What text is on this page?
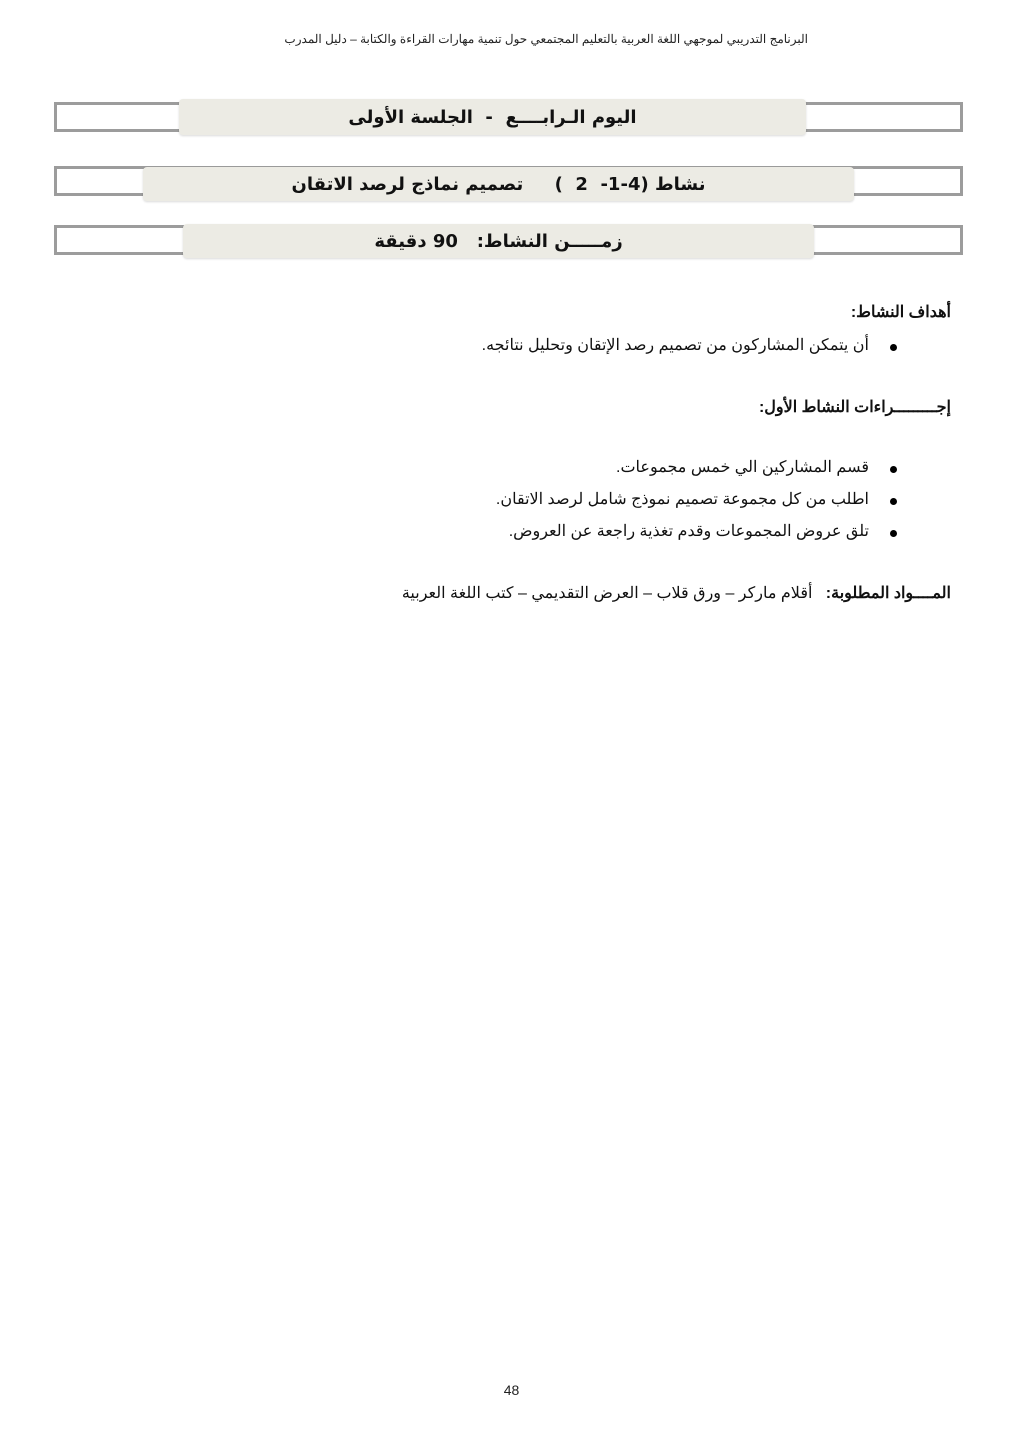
البرنامج التدريبي لموجهي اللغة العربية بالتعليم المجتمعي حول تنمية مهارات القراءة والكتابة – دليل المدرب
اليوم الـرابــــع  -  الجلسة الأولى
نشاط (4-1-  2  )     تصميم نماذج لرصد الاتقان
زمـــــن النشاط:   90 دقيقة
أهداف النشاط:
أن يتمكن المشاركون من تصميم رصد الإتقان وتحليل نتائجه.
إجـــــــــراءات النشاط الأول:
قسم المشاركين الي خمس مجموعات.
اطلب من كل مجموعة تصميم نموذج شامل لرصد الاتقان.
تلق عروض المجموعات وقدم تغذية راجعة عن العروض.
المــــواد المطلوبة:   أقلام ماركر – ورق قلاب – العرض التقديمي – كتب اللغة العربية
48
